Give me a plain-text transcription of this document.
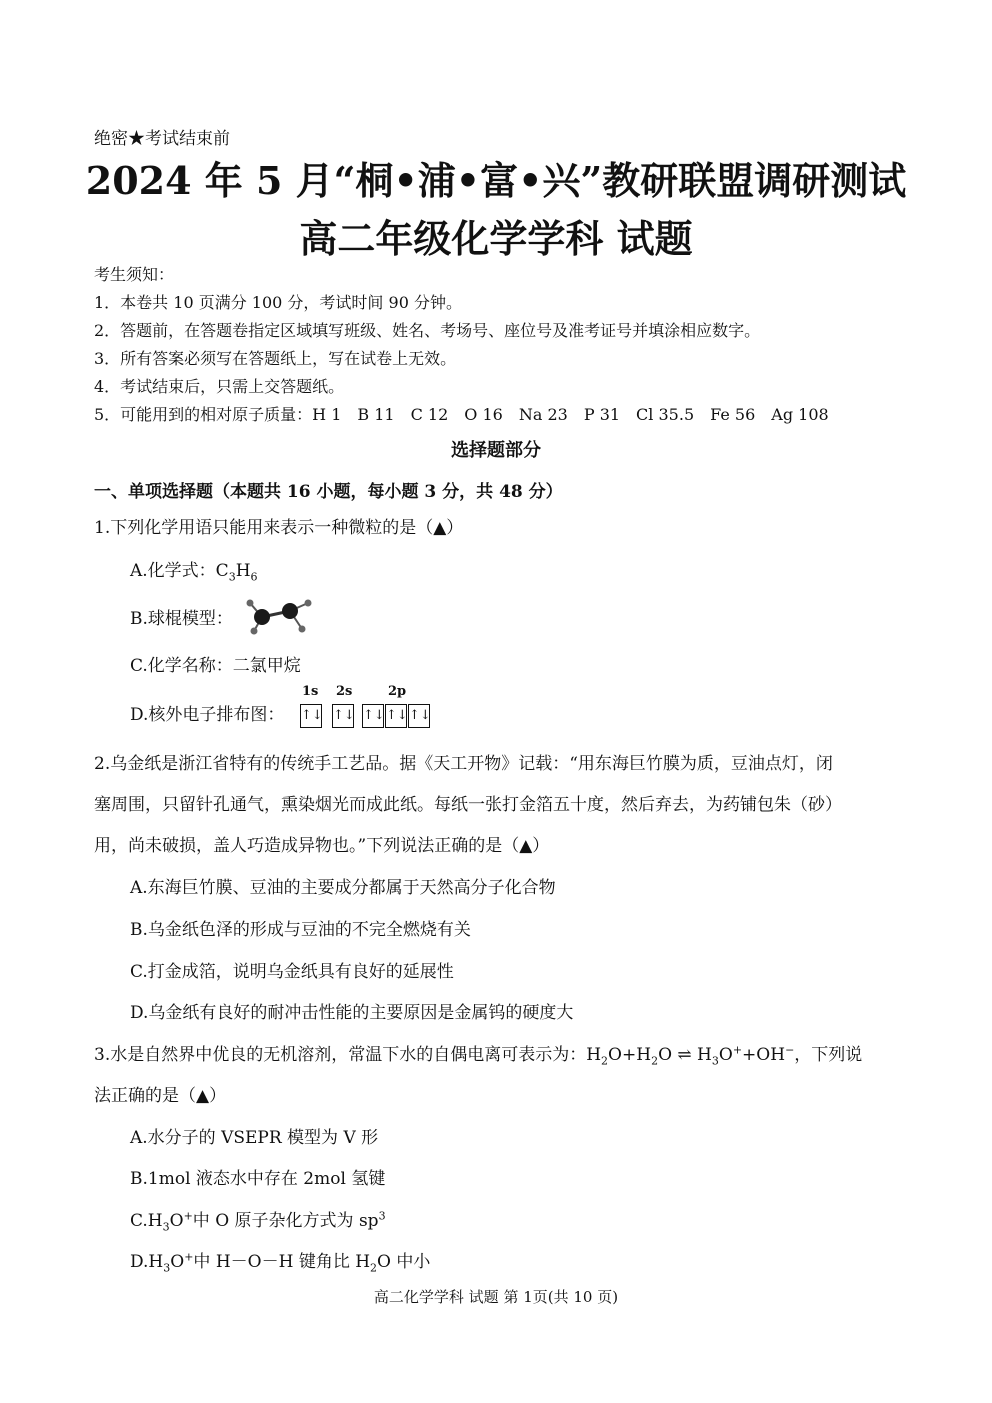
绝密★考试结束前
2024 年 5 月“桐•浦•富•兴”教研联盟调研测试
高二年级化学学科 试题
考生须知：
1．本卷共 10 页满分 100 分，考试时间 90 分钟。
2．答题前，在答题卷指定区域填写班级、姓名、考场号、座位号及准考证号并填涂相应数字。
3．所有答案必须写在答题纸上，写在试卷上无效。
4．考试结束后，只需上交答题纸。
5．可能用到的相对原子质量：H 1　B 11　C 12　O 16　Na 23　P 31　Cl 35.5　Fe 56　Ag 108
选择题部分
一、单项选择题（本题共 16 小题，每小题 3 分，共 48 分）
1.下列化学用语只能用来表示一种微粒的是（▲）
A.化学式：$C_3H_6$
B.球棍模型：
C.化学名称：二氯甲烷
D.核外电子排布图：
1s 2s	2p
↑↓ ↑↓ ↑↓ ↑↓ ↑↓
2.乌金纸是浙江省特有的传统手工艺品。据《天工开物》记载：“用东海巨竹膜为质，豆油点灯，闭
塞周围，只留针孔通气，熏染烟光而成此纸。每纸一张打金箔五十度，然后弃去，为药铺包朱（砂）
用，尚未破损，盖人巧造成异物也。”下列说法正确的是（▲）
A.东海巨竹膜、豆油的主要成分都属于天然高分子化合物
B.乌金纸色泽的形成与豆油的不完全燃烧有关
C.打金成箔，说明乌金纸具有良好的延展性
D.乌金纸有良好的耐冲击性能的主要原因是金属钨的硬度大
3.水是自然界中优良的无机溶剂，常温下水的自偶电离可表示为：$H_2O+H_2O$ ⇌ $H_3O^++OH^-$，下列说
法正确的是（▲）
A.水分子的 VSEPR 模型为 V 形
B.1mol 液态水中存在 2mol 氢键
$C.H_3O^+$中 O 原子杂化方式为 $sp^3$
$D.H_3O^+$中 H－O－H 键角比 $H_2O$ 中小
高二化学学科 试题 第 1页(共 10 页)
